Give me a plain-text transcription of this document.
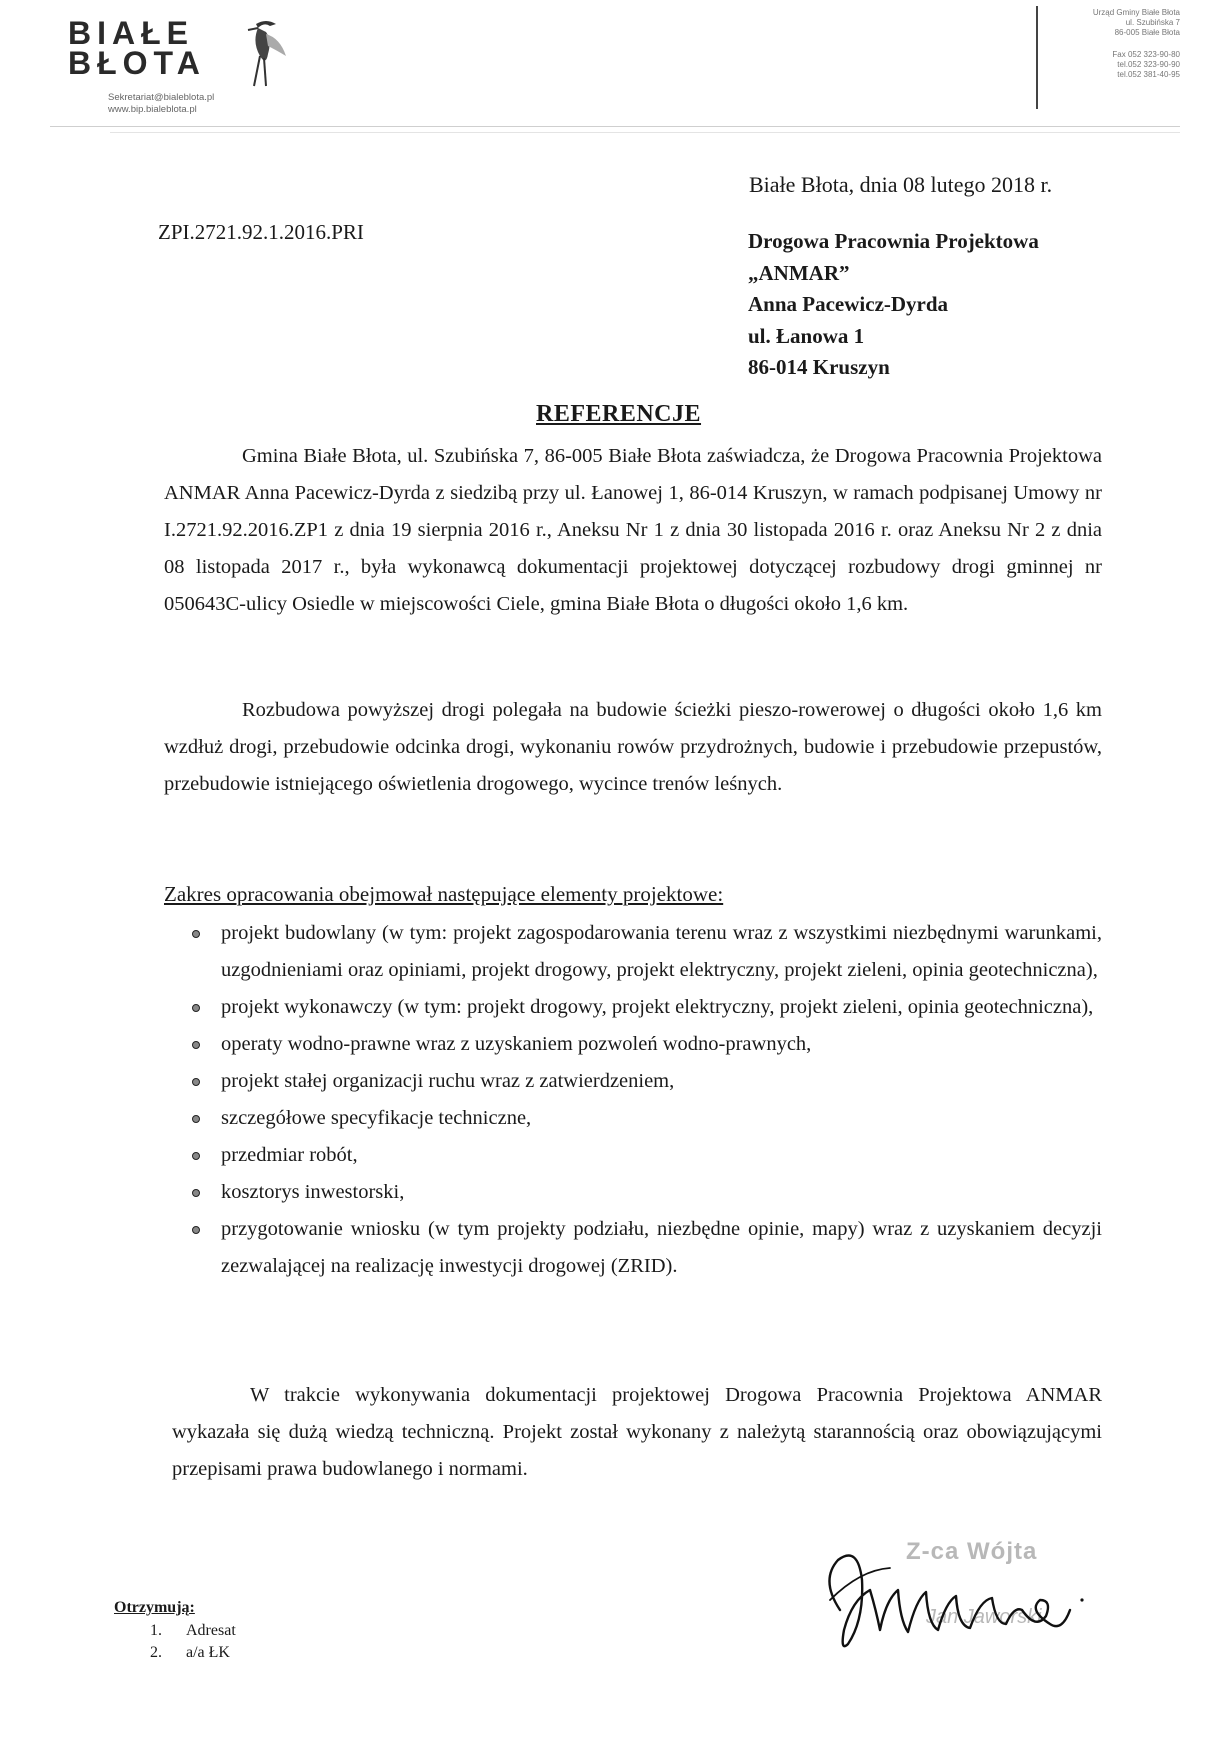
BIAŁE
BŁOTA
Sekretariat@bialeblota.pl
www.bip.bialeblota.pl
Urząd Gminy Białe Błota
ul. Szubińska 7
86-005 Białe Błota
Fax 052 323-90-80
tel.052 323-90-90
tel.052 381-40-95
Białe Błota, dnia 08 lutego 2018 r.
ZPI.2721.92.1.2016.PRI	Drogowa Pracownia Projektowa
„ANMAR”
Anna Pacewicz-Dyrda
ul. Łanowa 1
86-014 Kruszyn
REFERENCJE
Gmina Białe Błota, ul. Szubińska 7, 86-005 Białe Błota zaświadcza, że Drogowa Pracownia Projektowa ANMAR Anna Pacewicz-Dyrda z siedzibą przy ul. Łanowej 1, 86-014 Kruszyn, w ramach podpisanej Umowy nr I.2721.92.2016.ZP1 z dnia 19 sierpnia 2016 r., Aneksu Nr 1 z dnia 30 listopada 2016 r. oraz Aneksu Nr 2 z dnia 08 listopada 2017 r., była wykonawcą dokumentacji projektowej dotyczącej rozbudowy drogi gminnej nr 050643C-ulicy Osiedle w miejscowości Ciele, gmina Białe Błota o długości około 1,6 km.
Rozbudowa powyższej drogi polegała na budowie ścieżki pieszo-rowerowej o długości około 1,6 km wzdłuż drogi, przebudowie odcinka drogi, wykonaniu rowów przydrożnych, budowie i przebudowie przepustów, przebudowie istniejącego oświetlenia drogowego, wycince trenów leśnych.
Zakres opracowania obejmował następujące elementy projektowe:
projekt budowlany (w tym: projekt zagospodarowania terenu wraz z wszystkimi niezbędnymi warunkami, uzgodnieniami oraz opiniami, projekt drogowy, projekt elektryczny, projekt zieleni, opinia geotechniczna),
projekt wykonawczy (w tym: projekt drogowy, projekt elektryczny, projekt zieleni, opinia geotechniczna),
operaty wodno-prawne wraz z uzyskaniem pozwoleń wodno-prawnych,
projekt stałej organizacji ruchu wraz z zatwierdzeniem,
szczegółowe specyfikacje techniczne,
przedmiar robót,
kosztorys inwestorski,
przygotowanie wniosku (w tym projekty podziału, niezbędne opinie, mapy) wraz z uzyskaniem decyzji zezwalającej na realizację inwestycji drogowej (ZRID).
W trakcie wykonywania dokumentacji projektowej Drogowa Pracownia Projektowa ANMAR wykazała się dużą wiedzą techniczną. Projekt został wykonany z należytą starannością oraz obowiązującymi przepisami prawa budowlanego i normami.
Otrzymują:
1. Adresat
2. a/a ŁK
Z-ca Wójta
Jan Jaworski
